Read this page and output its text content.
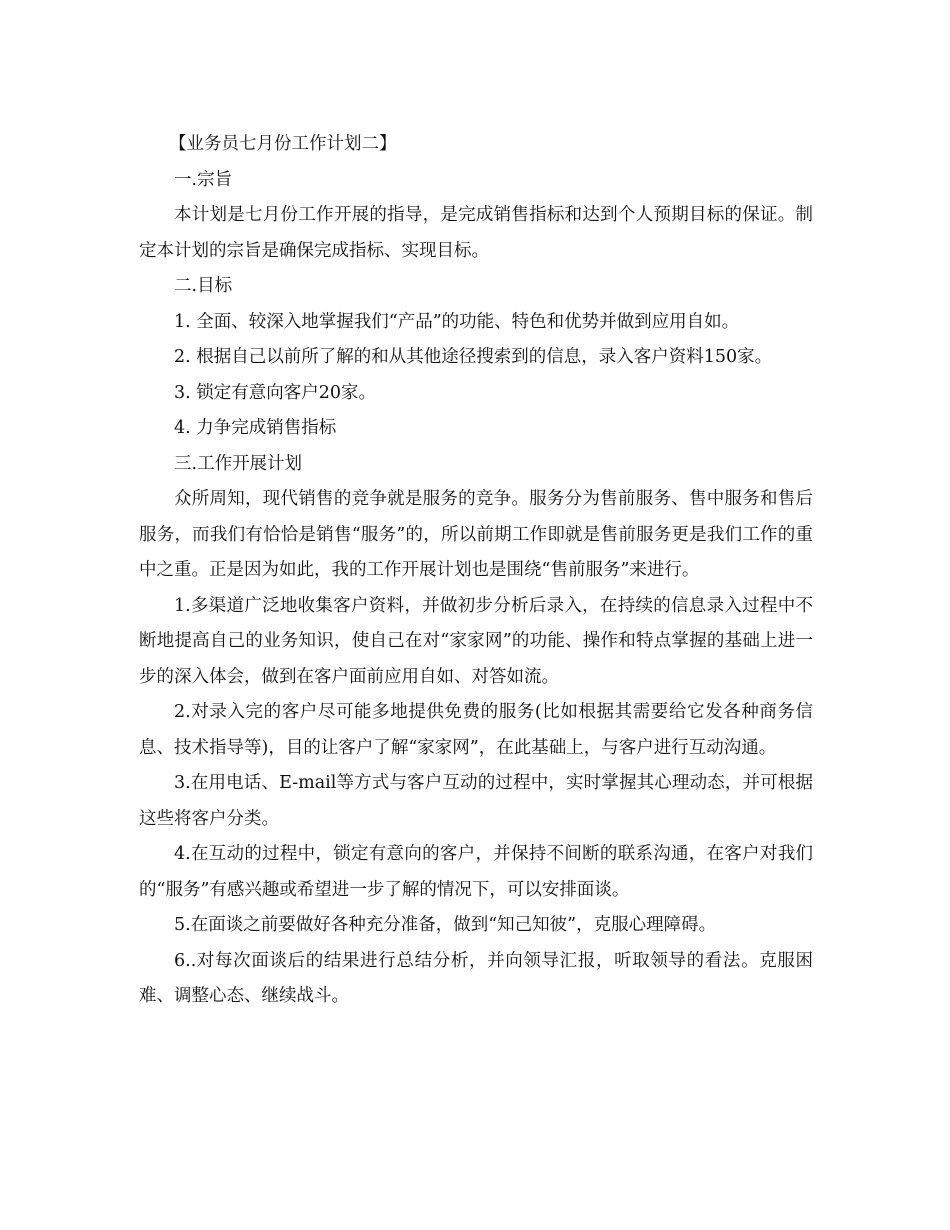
【业务员七月份工作计划二】

一.宗旨

本计划是七月份工作开展的指导，是完成销售指标和达到个人预期目标的保证。制定本计划的宗旨是确保完成指标、实现目标。

二.目标

1. 全面、较深入地掌握我们“产品”的功能、特色和优势并做到应用自如。

2. 根据自己以前所了解的和从其他途径搜索到的信息，录入客户资料150家。

3. 锁定有意向客户20家。

4. 力争完成销售指标

三.工作开展计划

众所周知，现代销售的竞争就是服务的竞争。服务分为售前服务、售中服务和售后服务，而我们有恰恰是销售“服务”的，所以前期工作即就是售前服务更是我们工作的重中之重。正是因为如此，我的工作开展计划也是围绕“售前服务”来进行。

1.多渠道广泛地收集客户资料，并做初步分析后录入，在持续的信息录入过程中不断地提高自己的业务知识，使自己在对“家家网”的功能、操作和特点掌握的基础上进一步的深入体会，做到在客户面前应用自如、对答如流。

2.对录入完的客户尽可能多地提供免费的服务(比如根据其需要给它发各种商务信息、技术指导等)，目的让客户了解“家家网”，在此基础上，与客户进行互动沟通。

3.在用电话、E-mail等方式与客户互动的过程中，实时掌握其心理动态，并可根据这些将客户分类。

4.在互动的过程中，锁定有意向的客户，并保持不间断的联系沟通，在客户对我们的“服务”有感兴趣或希望进一步了解的情况下，可以安排面谈。

5.在面谈之前要做好各种充分准备，做到“知己知彼”，克服心理障碍。

6..对每次面谈后的结果进行总结分析，并向领导汇报，听取领导的看法。克服困难、调整心态、继续战斗。
